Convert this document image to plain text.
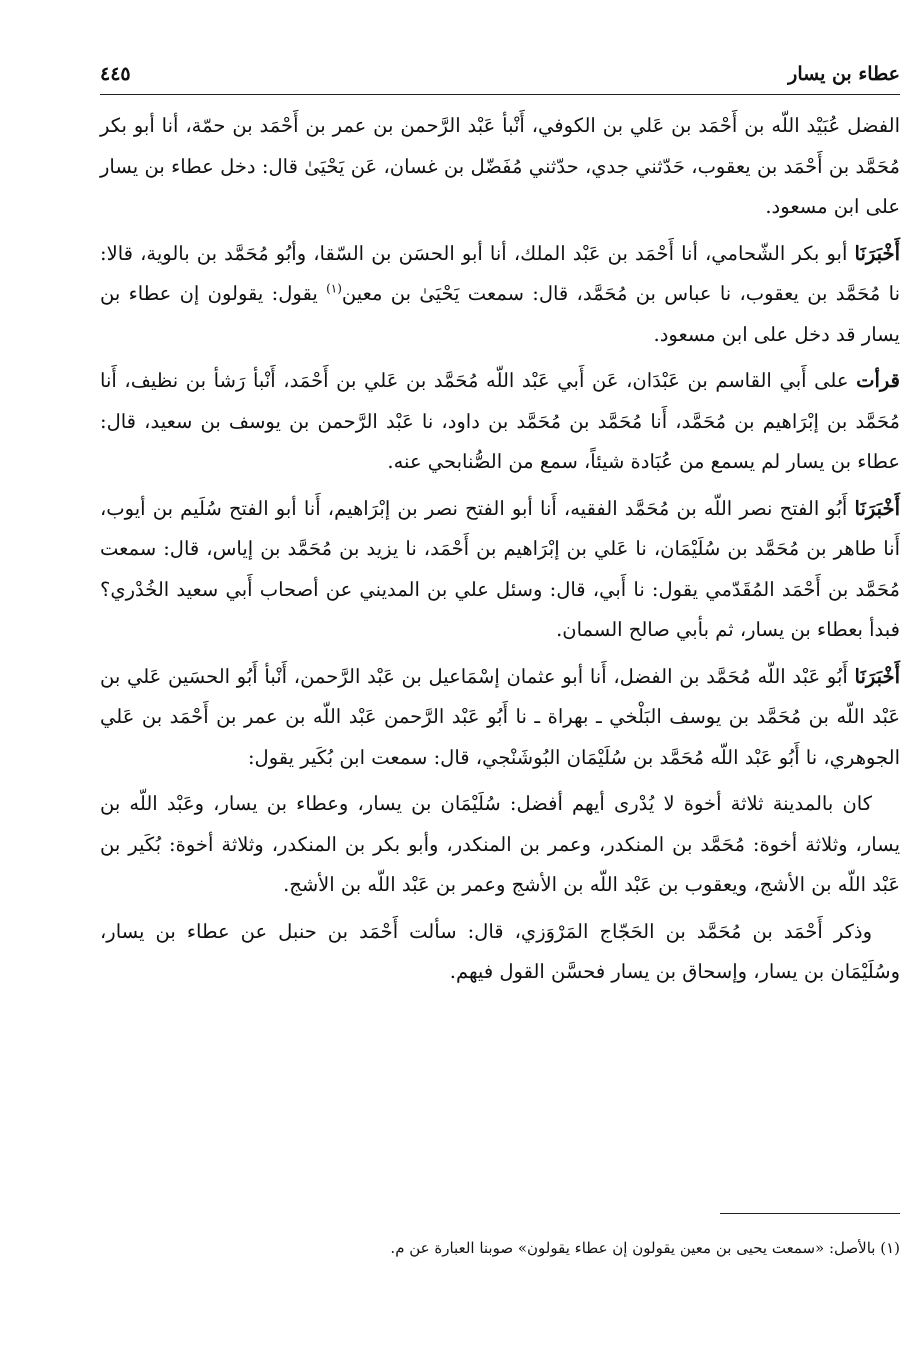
٤٤٥	عطاء بن يسار

الفضل عُبَيْد اللّه بن أَحْمَد بن عَلي بن الكوفي، أَنْبأ عَبْد الرَّحمن بن عمر بن أَحْمَد بن حمّة، أنا أبو بكر مُحَمَّد بن أَحْمَد بن يعقوب، حَدّثني جدي، حدّثني مُفَضّل بن غسان، عَن يَحْيَىٰ قال: دخل عطاء بن يسار على ابن مسعود.

أَخْبَرَنَا أبو بكر الشّحامي، أنا أَحْمَد بن عَبْد الملك، أنا أبو الحسَن بن السّقا، وأبُو مُحَمَّد بن بالوية، قالا: نا مُحَمَّد بن يعقوب، نا عباس بن مُحَمَّد، قال: سمعت يَحْيَىٰ بن معين$^{(١)}$ يقول: يقولون إن عطاء بن يسار قد دخل على ابن مسعود.

قرأت على أَبي القاسم بن عَبْدَان، عَن أَبي عَبْد اللّه مُحَمَّد بن عَلي بن أَحْمَد، أَنْبأ رَشأ بن نظيف، أَنا مُحَمَّد بن إبْرَاهيم بن مُحَمَّد، أَنا مُحَمَّد بن مُحَمَّد بن داود، نا عَبْد الرَّحمن بن يوسف بن سعيد، قال: عطاء بن يسار لم يسمع من عُبَادة شيئاً، سمع من الصُّنابحي عنه.

أَخْبَرَنَا أَبُو الفتح نصر اللّه بن مُحَمَّد الفقيه، أَنا أبو الفتح نصر بن إبْرَاهيم، أَنا أبو الفتح سُلَيم بن أيوب، أَنا طاهر بن مُحَمَّد بن سُلَيْمَان، نا عَلي بن إبْرَاهيم بن أَحْمَد، نا يزيد بن مُحَمَّد بن إياس، قال: سمعت مُحَمَّد بن أَحْمَد المُقَدّمي يقول: نا أَبي، قال: وسئل علي بن المديني عن أصحاب أَبي سعيد الخُدْري؟ فبدأ بعطاء بن يسار، ثم بأبي صالح السمان.

أَخْبَرَنَا أَبُو عَبْد اللّه مُحَمَّد بن الفضل، أَنا أبو عثمان إسْمَاعيل بن عَبْد الرَّحمن، أَنْبأ أَبُو الحسَين عَلي بن عَبْد اللّه بن مُحَمَّد بن يوسف البَلْخي ـ بهراة ـ نا أَبُو عَبْد الرَّحمن عَبْد اللّه بن عمر بن أَحْمَد بن عَلي الجوهري، نا أَبُو عَبْد اللّه مُحَمَّد بن سُلَيْمَان البُوشَنْجي، قال: سمعت ابن بُكَير يقول:

كان بالمدينة ثلاثة أخوة لا يُدْرى أيهم أفضل: سُلَيْمَان بن يسار، وعطاء بن يسار، وعَبْد اللّه بن يسار، وثلاثة أخوة: مُحَمَّد بن المنكدر، وعمر بن المنكدر، وأبو بكر بن المنكدر، وثلاثة أخوة: بُكَير بن عَبْد اللّه بن الأشج، ويعقوب بن عَبْد اللّه بن الأشج وعمر بن عَبْد اللّه بن الأشج.

وذكر أَحْمَد بن مُحَمَّد بن الحَجّاج المَرْوَزي، قال: سألت أَحْمَد بن حنبل عن عطاء بن يسار، وسُلَيْمَان بن يسار، وإسحاق بن يسار فحسَّن القول فيهم.

(١) بالأصل: «سمعت يحيى بن معين يقولون إن عطاء يقولون» صوبنا العبارة عن م.
